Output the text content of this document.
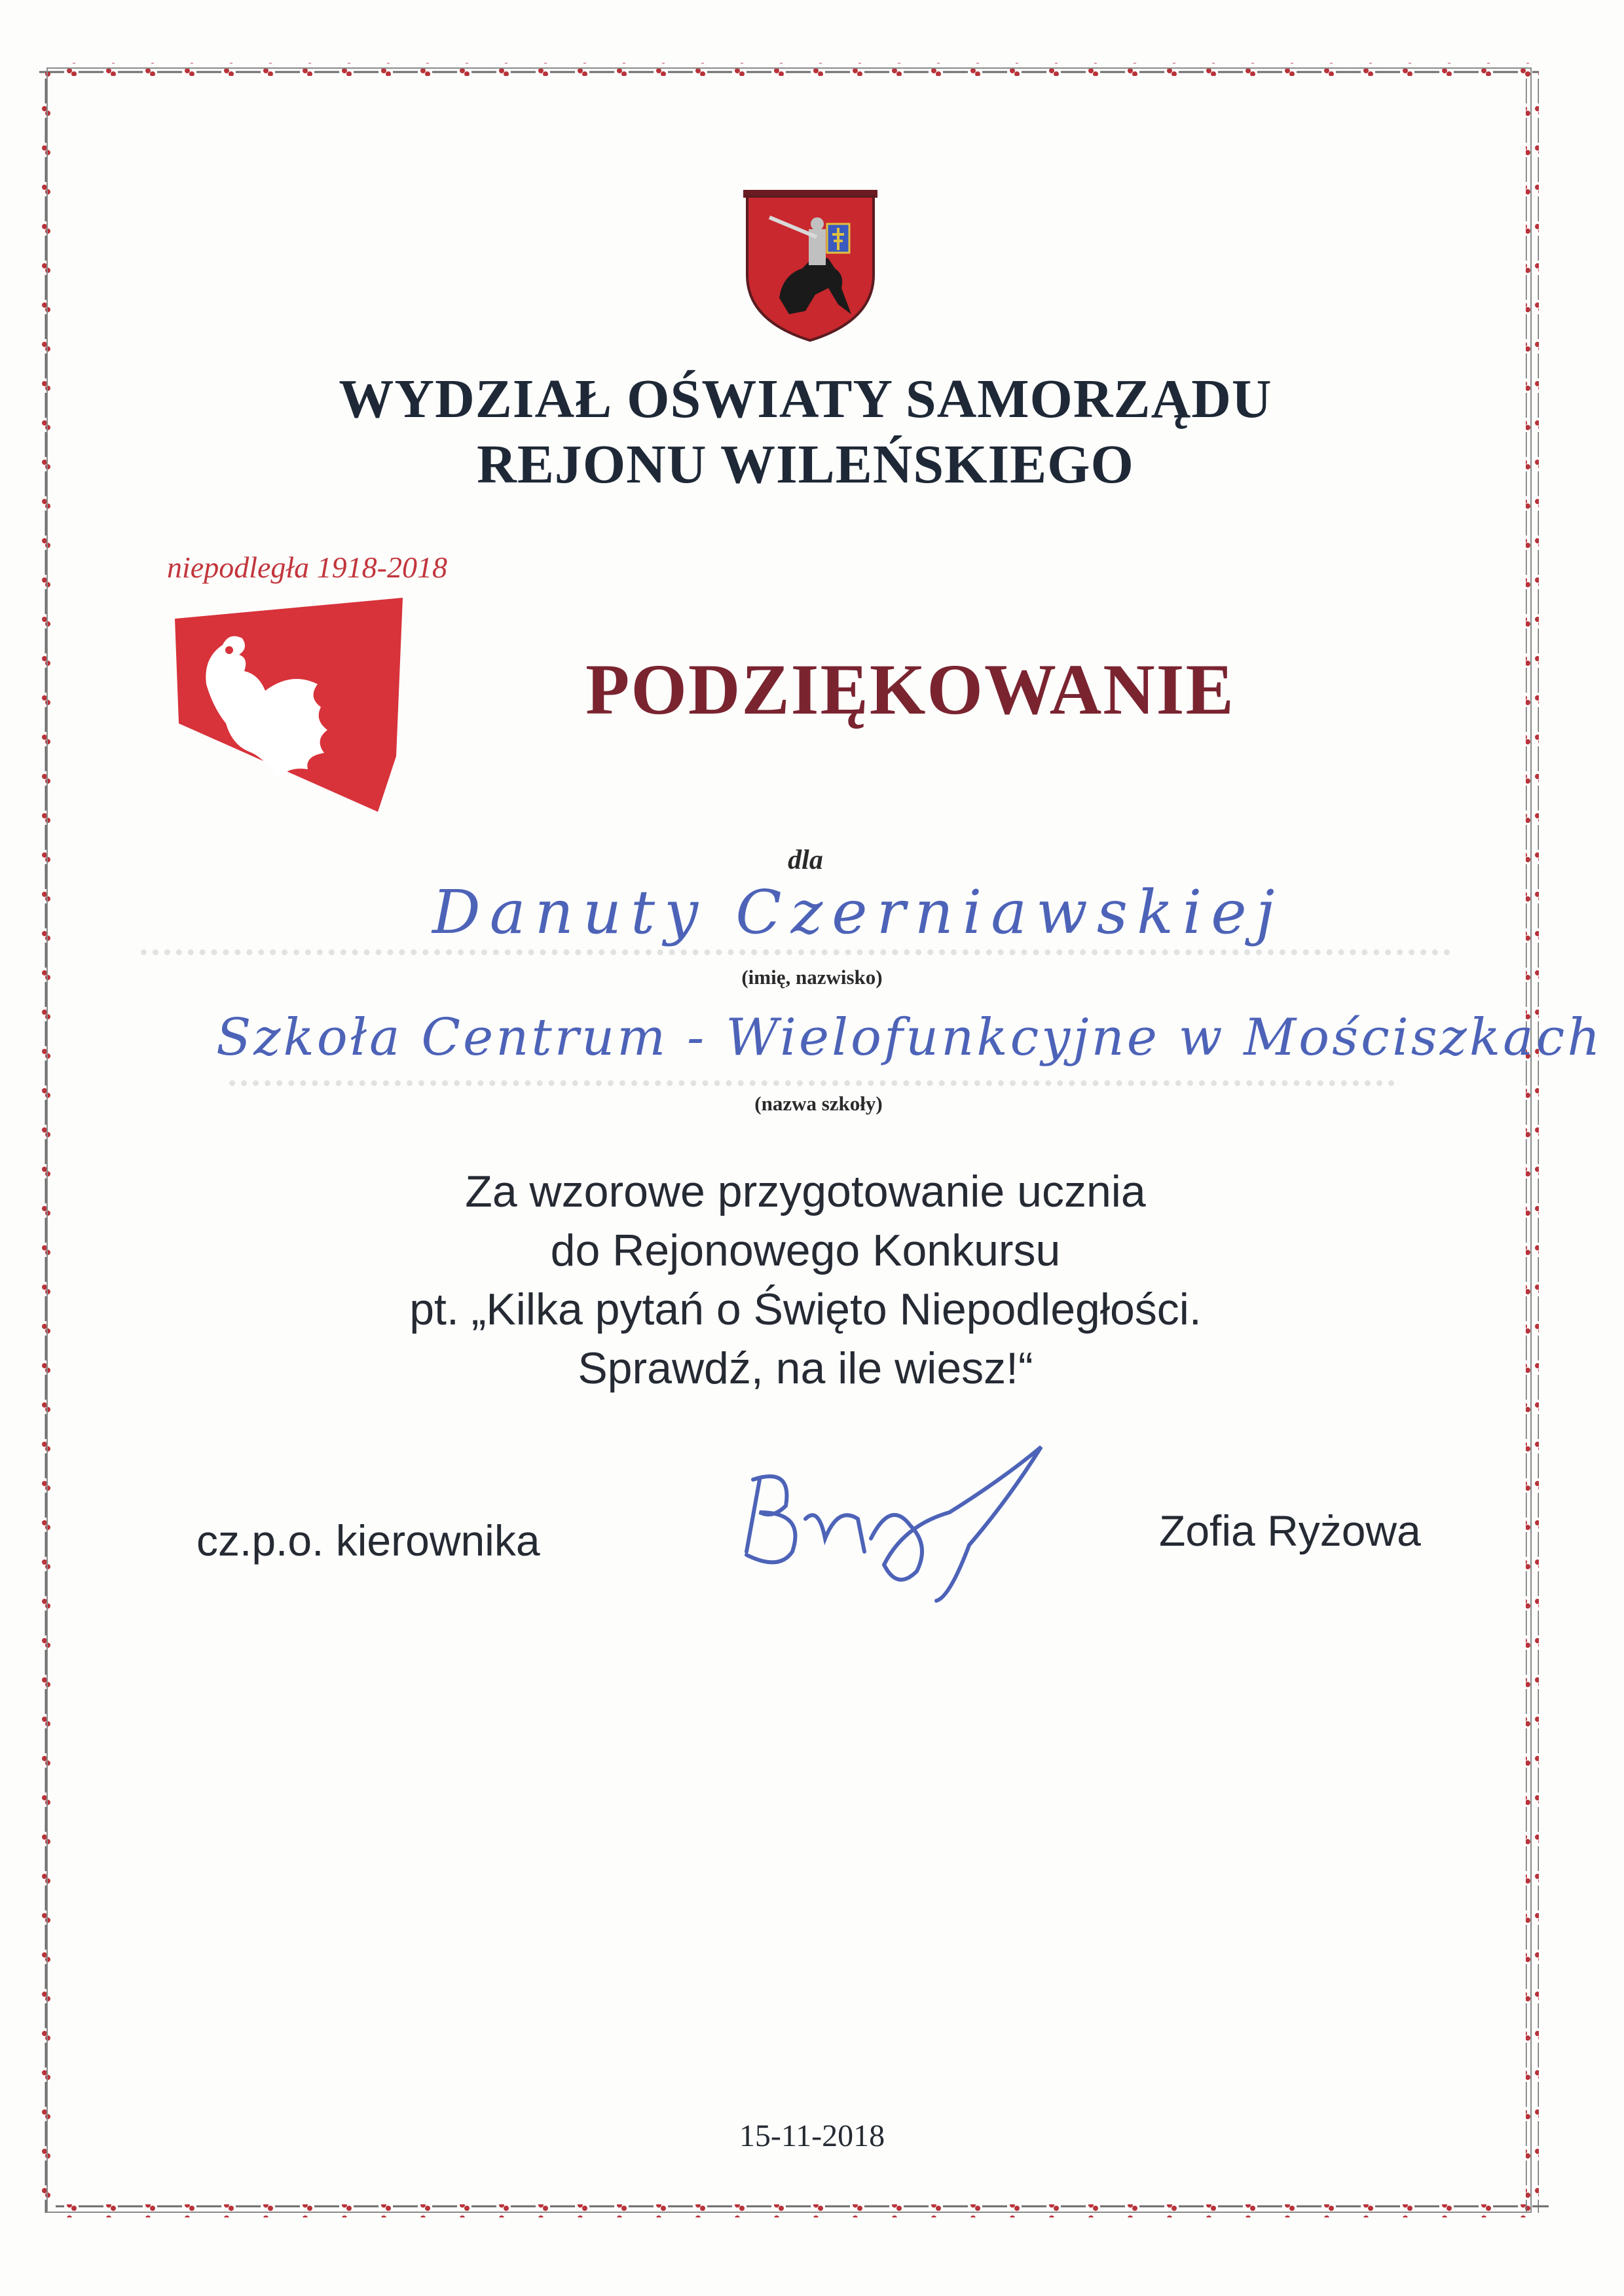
WYDZIAŁ OŚWIATY SAMORZĄDU
REJONU WILEŃSKIEGO
niepodległa 1918-2018
PODZIĘKOWANIE
dla
Danuty Czerniawskiej
(imię, nazwisko)
Szkoła Centrum - Wielofunkcyjne w Mościszkach
(nazwa szkoły)
Za wzorowe przygotowanie ucznia
do Rejonowego Konkursu
pt. „Kilka pytań o Święto Niepodległości.
Sprawdź, na ile wiesz!“
cz.p.o. kierownika	Zofia Ryżowa
15-11-2018
